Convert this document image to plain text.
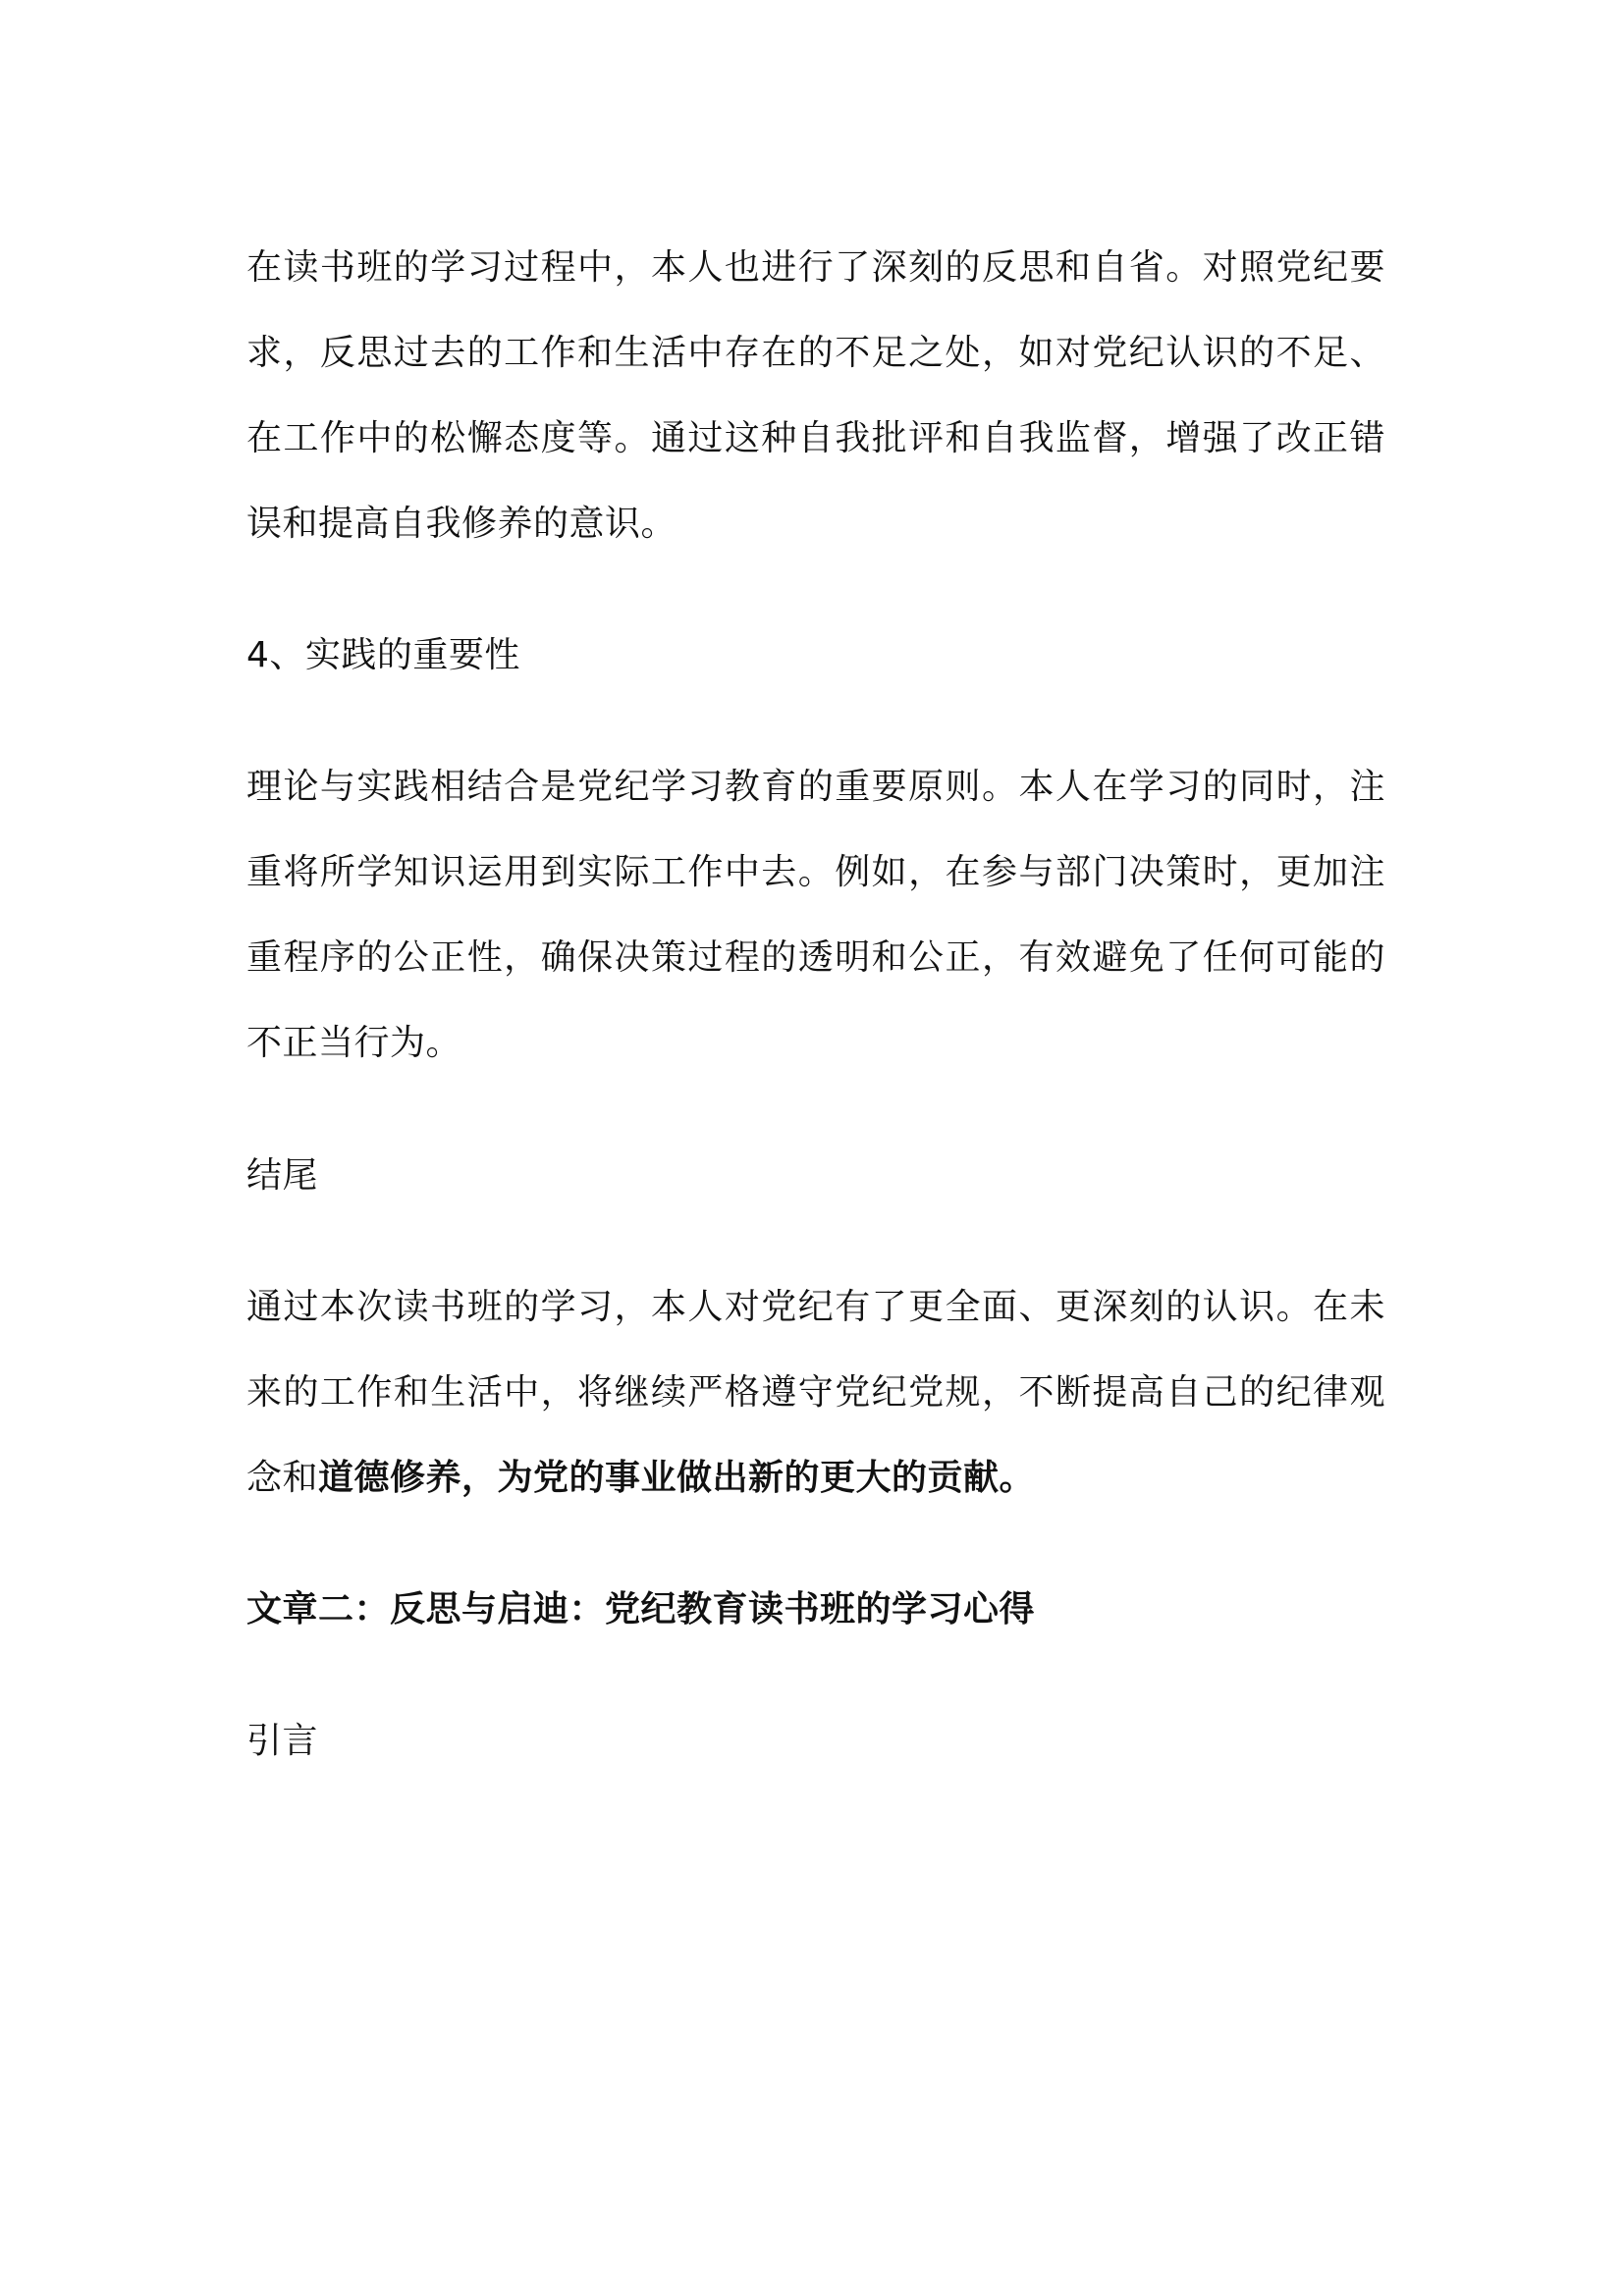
在读书班的学习过程中，本人也进行了深刻的反思和自省。对照党纪要求，反思过去的工作和生活中存在的不足之处，如对党纪认识的不足、在工作中的松懈态度等。通过这种自我批评和自我监督，增强了改正错误和提高自我修养的意识。

4、实践的重要性

理论与实践相结合是党纪学习教育的重要原则。本人在学习的同时，注重将所学知识运用到实际工作中去。例如，在参与部门决策时，更加注重程序的公正性，确保决策过程的透明和公正，有效避免了任何可能的不正当行为。

结尾

通过本次读书班的学习，本人对党纪有了更全面、更深刻的认识。在未来的工作和生活中，将继续严格遵守党纪党规，不断提高自己的纪律观念和道德修养，为党的事业做出新的更大的贡献。

文章二：反思与启迪：党纪教育读书班的学习心得

引言
